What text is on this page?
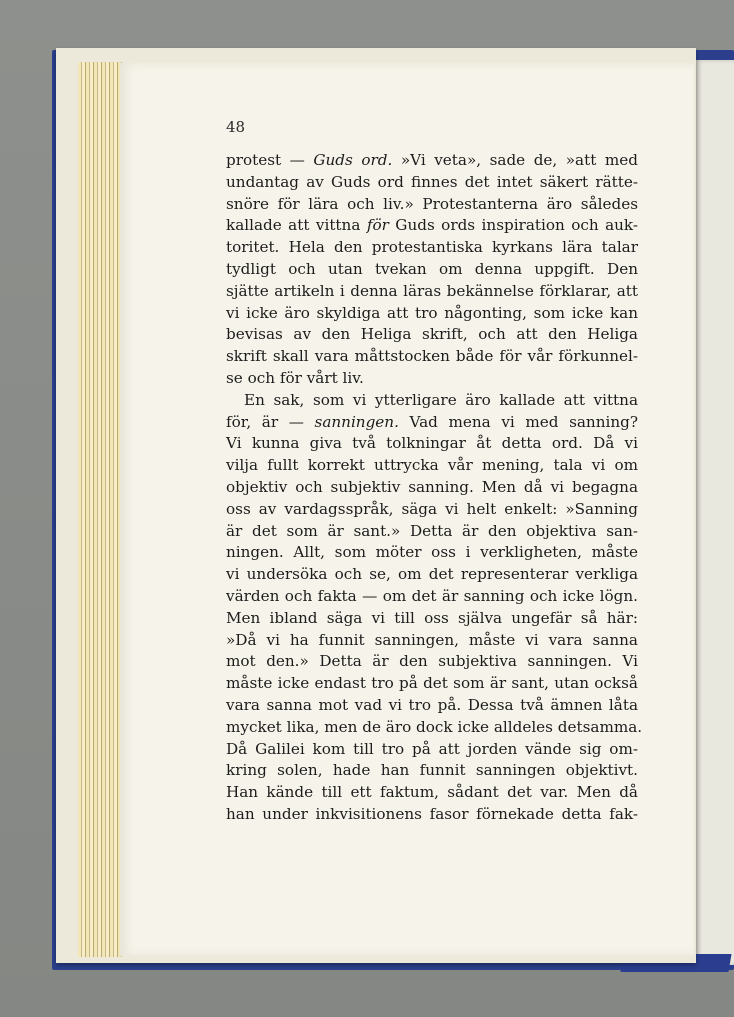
48
protest — Guds ord. »Vi veta», sade de, »att med
undantag av Guds ord finnes det intet säkert rätte-
snöre för lära och liv.» Protestanterna äro således
kallade att vittna för Guds ords inspiration och auk-
toritet. Hela den protestantiska kyrkans lära talar
tydligt och utan tvekan om denna uppgift. Den
sjätte artikeln i denna läras bekännelse förklarar, att
vi icke äro skyldiga att tro någonting, som icke kan
bevisas av den Heliga skrift, och att den Heliga
skrift skall vara måttstocken både för vår förkunnel-
se och för vårt liv.
En sak, som vi ytterligare äro kallade att vittna
för, är — sanningen. Vad mena vi med sanning?
Vi kunna giva två tolkningar åt detta ord. Då vi
vilja fullt korrekt uttrycka vår mening, tala vi om
objektiv och subjektiv sanning. Men då vi begagna
oss av vardagsspråk, säga vi helt enkelt: »Sanning
är det som är sant.» Detta är den objektiva san-
ningen. Allt, som möter oss i verkligheten, måste
vi undersöka och se, om det representerar verkliga
värden och fakta — om det är sanning och icke lögn.
Men ibland säga vi till oss själva ungefär så här:
»Då vi ha funnit sanningen, måste vi vara sanna
mot den.» Detta är den subjektiva sanningen. Vi
måste icke endast tro på det som är sant, utan också
vara sanna mot vad vi tro på. Dessa två ämnen låta
mycket lika, men de äro dock icke alldeles detsamma.
Då Galilei kom till tro på att jorden vände sig om-
kring solen, hade han funnit sanningen objektivt.
Han kände till ett faktum, sådant det var. Men då
han under inkvisitionens fasor förnekade detta fak-
